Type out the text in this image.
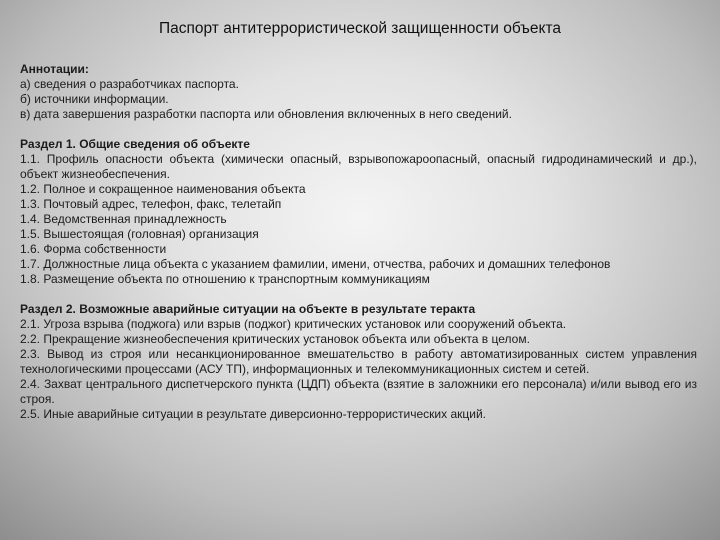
Паспорт антитеррористической защищенности объекта
Аннотации:
а) сведения о разработчиках паспорта.
б) источники информации.
в) дата завершения разработки паспорта или обновления включенных в него сведений.
Раздел 1. Общие сведения об объекте
1.1. Профиль опасности объекта (химически опасный, взрывопожароопасный, опасный гидродинамический и др.), объект жизнеобеспечения.
1.2. Полное и сокращенное наименования объекта
1.3. Почтовый адрес, телефон, факс, телетайп
1.4. Ведомственная принадлежность
1.5. Вышестоящая (головная) организация
1.6. Форма собственности
1.7. Должностные лица объекта с указанием фамилии, имени, отчества, рабочих и домашних телефонов
1.8. Размещение объекта по отношению к транспортным коммуникациям
Раздел 2. Возможные аварийные ситуации на объекте в результате теракта
2.1. Угроза взрыва (поджога) или взрыв (поджог) критических установок или сооружений объекта.
2.2. Прекращение жизнеобеспечения критических установок объекта или объекта в целом.
2.3. Вывод из строя или несанкционированное вмешательство в работу автоматизированных систем управления технологическими процессами (АСУ ТП), информационных и телекоммуникационных систем и сетей.
2.4. Захват центрального диспетчерского пункта (ЦДП) объекта (взятие в заложники его персонала) и/или вывод его из строя.
2.5. Иные аварийные ситуации в результате диверсионно-террористических акций.
